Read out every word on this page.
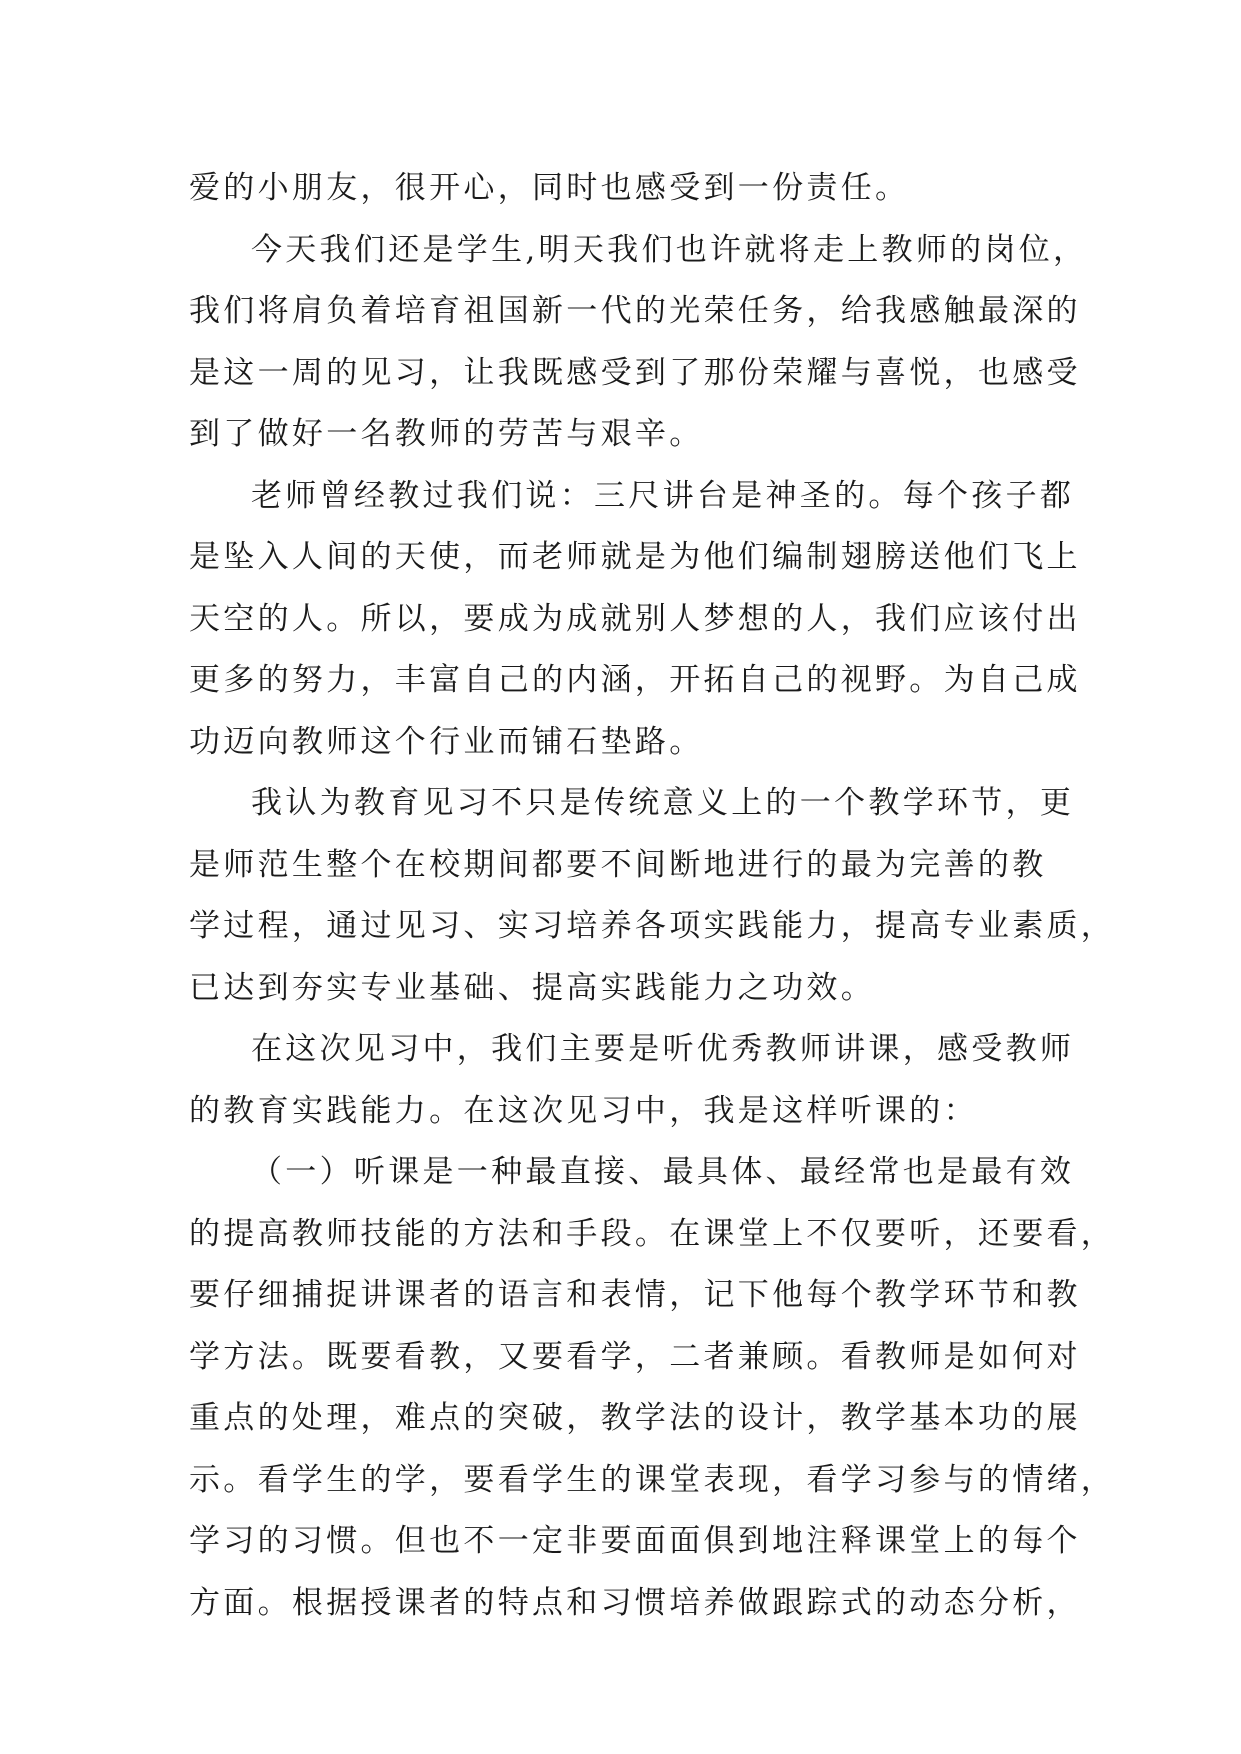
爱的小朋友，很开心，同时也感受到一份责任。
今天我们还是学生,明天我们也许就将走上教师的岗位，
我们将肩负着培育祖国新一代的光荣任务，给我感触最深的
是这一周的见习，让我既感受到了那份荣耀与喜悦，也感受
到了做好一名教师的劳苦与艰辛。
老师曾经教过我们说：三尺讲台是神圣的。每个孩子都
是坠入人间的天使，而老师就是为他们编制翅膀送他们飞上
天空的人。所以，要成为成就别人梦想的人，我们应该付出
更多的努力，丰富自己的内涵，开拓自己的视野。为自己成
功迈向教师这个行业而铺石垫路。
我认为教育见习不只是传统意义上的一个教学环节，更
是师范生整个在校期间都要不间断地进行的最为完善的教
学过程，通过见习、实习培养各项实践能力，提高专业素质，
已达到夯实专业基础、提高实践能力之功效。
在这次见习中，我们主要是听优秀教师讲课，感受教师
的教育实践能力。在这次见习中，我是这样听课的：
（一）听课是一种最直接、最具体、最经常也是最有效
的提高教师技能的方法和手段。在课堂上不仅要听，还要看，
要仔细捕捉讲课者的语言和表情，记下他每个教学环节和教
学方法。既要看教，又要看学，二者兼顾。看教师是如何对
重点的处理，难点的突破，教学法的设计，教学基本功的展
示。看学生的学，要看学生的课堂表现，看学习参与的情绪，
学习的习惯。但也不一定非要面面俱到地注释课堂上的每个
方面。根据授课者的特点和习惯培养做跟踪式的动态分析，
